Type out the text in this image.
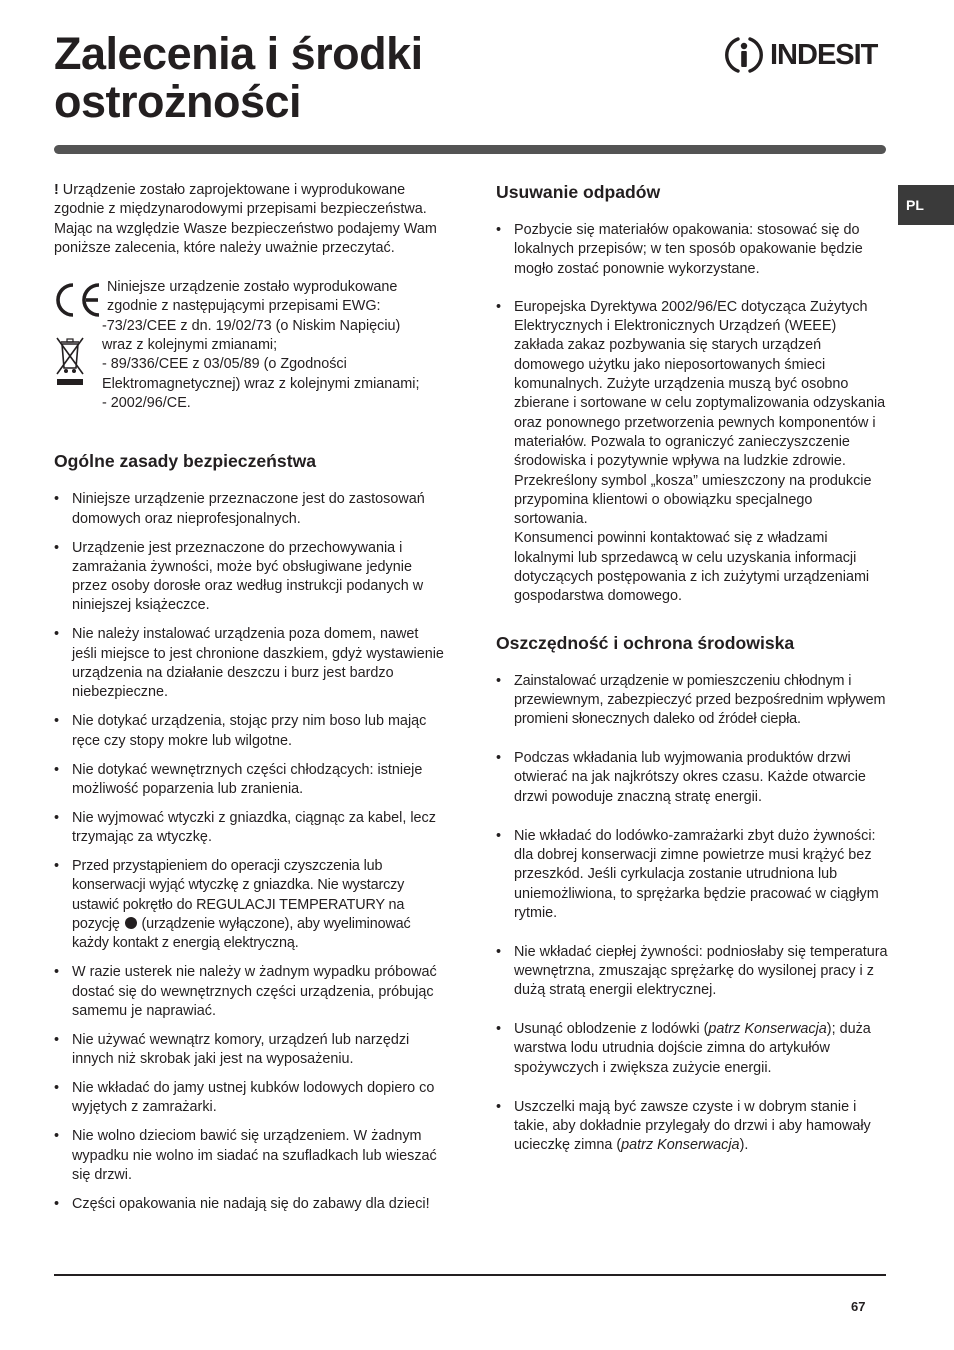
Zalecenia i środki
ostrożności
INDESIT
PL

! Urządzenie zostało zaprojektowane i wyprodukowane zgodnie z międzynarodowymi przepisami bezpieczeństwa. Mając na względzie Wasze bezpieczeństwo podajemy Wam poniższe zalecenia, które należy uważnie przeczytać.

Niniejsze urządzenie zostało wyprodukowane

zgodnie z następującymi przepisami EWG:

-73/23/CEE z dn. 19/02/73 (o Niskim Napięciu)

wraz z kolejnymi zmianami;

- 89/336/CEE z 03/05/89 (o Zgodności

Elektromagnetycznej) wraz z kolejnymi zmianami;

- 2002/96/CE.

Ogólne zasady bezpieczeństwa
• Niniejsze urządzenie przeznaczone jest do zastosowań domowych oraz nieprofesjonalnych.
• Urządzenie jest przeznaczone do przechowywania i zamrażania żywności, może być obsługiwane jedynie przez osoby dorosłe oraz według instrukcji podanych w niniejszej książeczce.
• Nie należy instalować urządzenia poza domem, nawet jeśli miejsce to jest chronione daszkiem, gdyż wystawienie urządzenia na działanie deszczu i burz jest bardzo niebezpieczne.
• Nie dotykać urządzenia, stojąc przy nim boso lub mając ręce czy stopy mokre lub wilgotne.
• Nie dotykać wewnętrznych części chłodzących: istnieje możliwość poparzenia lub zranienia.
• Nie wyjmować wtyczki z gniazdka, ciągnąc za kabel, lecz trzymając za wtyczkę.
• Przed przystąpieniem do operacji czyszczenia lub konserwacji wyjąć wtyczkę z gniazdka. Nie wystarczy ustawić pokrętło do REGULACJI TEMPERATURY na pozycję  (urządzenie wyłączone), aby wyeliminować każdy kontakt z energią elektryczną.
• W razie usterek nie należy w żadnym wypadku próbować dostać się do wewnętrznych części urządzenia, próbując samemu je naprawiać.
• Nie używać wewnątrz komory, urządzeń lub narzędzi innych niż skrobak jaki jest na wyposażeniu.
• Nie wkładać do jamy ustnej kubków lodowych dopiero co wyjętych z zamrażarki.
• Nie wolno dzieciom bawić się urządzeniem. W żadnym wypadku nie wolno im siadać na szufladkach lub wieszać się drzwi.
• Części opakowania nie nadają się do zabawy dla dzieci!
Usuwanie odpadów
• Pozbycie się materiałów opakowania: stosować się do lokalnych przepisów; w ten sposób opakowanie będzie mogło zostać ponownie wykorzystane.

• Europejska Dyrektywa 2002/96/EC dotycząca Zużytych Elektrycznych i Elektronicznych Urządzeń (WEEE) zakłada zakaz pozbywania się starych urządzeń domowego użytku jako nieposortowanych śmieci komunalnych. Zużyte urządzenia muszą być osobno zbierane i sortowane w celu zoptymalizowania odzyskania oraz ponownego przetworzenia pewnych komponentów i materiałów. Pozwala to ograniczyć zanieczyszczenie środowiska i pozytywnie wpływa na ludzkie zdrowie. Przekreślony symbol „kosza” umieszczony na produkcie przypomina klientowi o obowiązku specjalnego sortowania.

Konsumenci powinni kontaktować się z władzami lokalnymi lub sprzedawcą w celu uzyskania informacji dotyczących postępowania z ich zużytymi urządzeniami gospodarstwa domowego.

Oszczędność i ochrona środowiska
• Zainstalować urządzenie w pomieszczeniu chłodnym i przewiewnym, zabezpieczyć przed bezpośrednim wpływem promieni słonecznych daleko od źródeł ciepła.
• Podczas wkładania lub wyjmowania produktów drzwi otwierać na jak najkrótszy okres czasu. Każde otwarcie drzwi powoduje znaczną stratę energii.
• Nie wkładać do lodówko-zamrażarki zbyt dużo żywności: dla dobrej konserwacji zimne powietrze musi krążyć bez przeszkód. Jeśli cyrkulacja zostanie utrudniona lub uniemożliwiona, to sprężarka będzie pracować w ciągłym rytmie.
• Nie wkładać ciepłej żywności: podniosłaby się temperatura wewnętrzna, zmuszając sprężarkę do wysilonej pracy i z dużą stratą energii elektrycznej.
• Usunąć oblodzenie z lodówki (patrz Konserwacja); duża warstwa lodu utrudnia dojście zimna do artykułów spożywczych i zwiększa zużycie energii.
• Uszczelki mają być zawsze czyste i w dobrym stanie i takie, aby dokładnie przylegały do drzwi i aby hamowały ucieczkę zimna (patrz Konserwacja).
67
